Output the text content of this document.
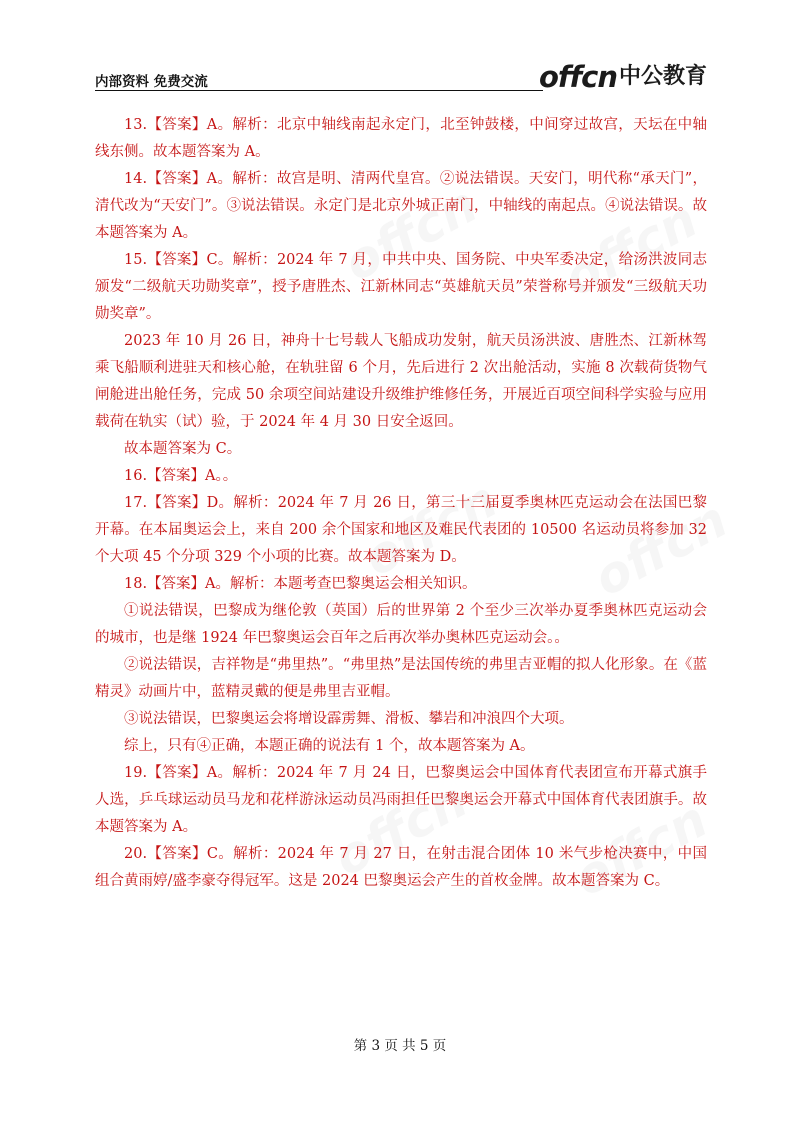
内部资料 免费交流	offcn 中公教育

13.【答案】A。解析：北京中轴线南起永定门，北至钟鼓楼，中间穿过故宫，天坛在中轴线东侧。故本题答案为 A。

14.【答案】A。解析：故宫是明、清两代皇宫。②说法错误。天安门，明代称“承天门”，清代改为“天安门”。③说法错误。永定门是北京外城正南门，中轴线的南起点。④说法错误。故本题答案为 A。

15.【答案】C。解析：2024 年 7 月，中共中央、国务院、中央军委决定，给汤洪波同志颁发“二级航天功勋奖章”，授予唐胜杰、江新林同志“英雄航天员”荣誉称号并颁发“三级航天功勋奖章”。

2023 年 10 月 26 日，神舟十七号载人飞船成功发射，航天员汤洪波、唐胜杰、江新林驾乘飞船顺利进驻天和核心舱，在轨驻留 6 个月，先后进行 2 次出舱活动，实施 8 次载荷货物气闸舱进出舱任务，完成 50 余项空间站建设升级维护维修任务，开展近百项空间科学实验与应用载荷在轨实（试）验，于 2024 年 4 月 30 日安全返回。

故本题答案为 C。

16.【答案】A。。

17.【答案】D。解析：2024 年 7 月 26 日，第三十三届夏季奥林匹克运动会在法国巴黎开幕。在本届奥运会上，来自 200 余个国家和地区及难民代表团的 10500 名运动员将参加 32 个大项 45 个分项 329 个小项的比赛。故本题答案为 D。

18.【答案】A。解析：本题考查巴黎奥运会相关知识。

①说法错误，巴黎成为继伦敦（英国）后的世界第 2 个至少三次举办夏季奥林匹克运动会的城市，也是继 1924 年巴黎奥运会百年之后再次举办奥林匹克运动会。。

②说法错误，吉祥物是“弗里热”。“弗里热”是法国传统的弗里吉亚帽的拟人化形象。在《蓝精灵》动画片中，蓝精灵戴的便是弗里吉亚帽。

③说法错误，巴黎奥运会将增设霹雳舞、滑板、攀岩和冲浪四个大项。

综上，只有④正确，本题正确的说法有 1 个，故本题答案为 A。

19.【答案】A。解析：2024 年 7 月 24 日，巴黎奥运会中国体育代表团宣布开幕式旗手人选，乒乓球运动员马龙和花样游泳运动员冯雨担任巴黎奥运会开幕式中国体育代表团旗手。故本题答案为 A。

20.【答案】C。解析：2024 年 7 月 27 日，在射击混合团体 10 米气步枪决赛中，中国组合黄雨婷/盛李豪夺得冠军。这是 2024 巴黎奥运会产生的首枚金牌。故本题答案为 C。

第 3 页 共 5 页
